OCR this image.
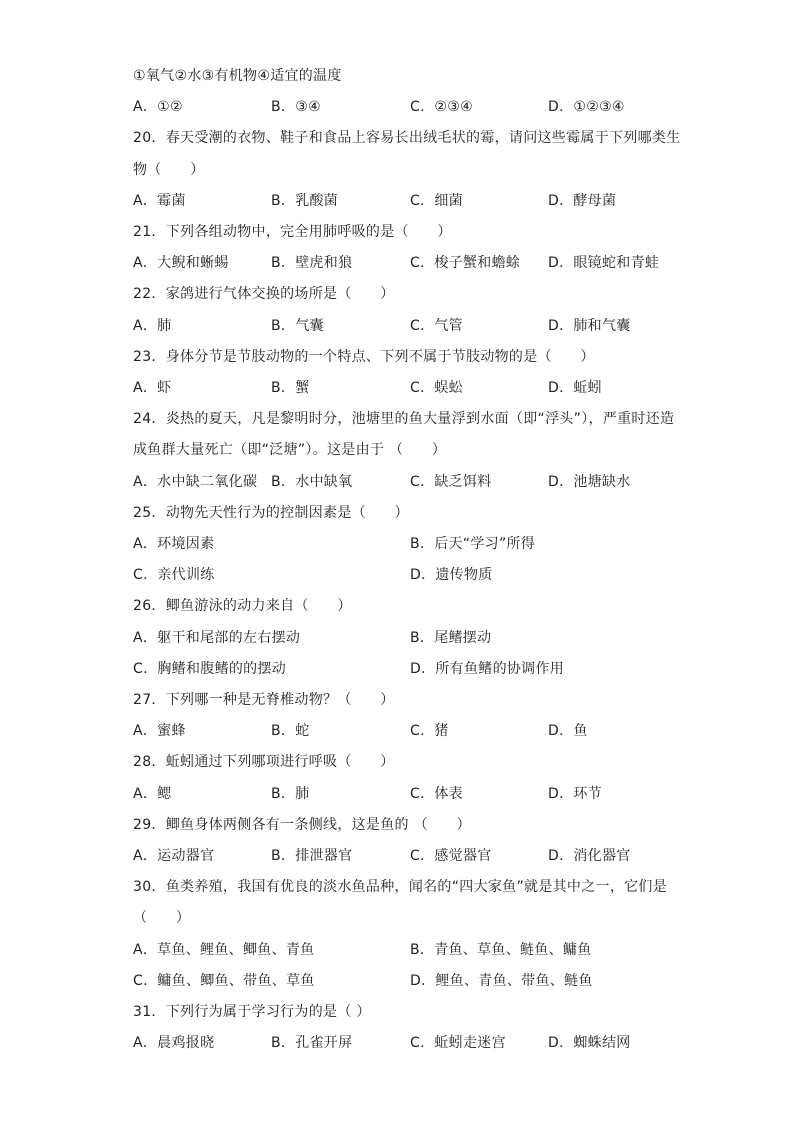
①氧气②水③有机物④适宜的温度
A．①②	B．③④	C．②③④	D．①②③④
20．春天受潮的衣物、鞋子和食品上容易长出绒毛状的霉，请问这些霉属于下列哪类生
物（　　）
A．霉菌	B．乳酸菌	C．细菌	D．酵母菌
21．下列各组动物中，完全用肺呼吸的是（　　）
A．大鲵和蜥蜴	B．壁虎和狼	C．梭子蟹和蟾蜍 D．眼镜蛇和青蛙
22．家鸽进行气体交换的场所是（　　）
A．肺	B．气囊	C．气管	D．肺和气囊
23．身体分节是节肢动物的一个特点、下列不属于节肢动物的是（　　）
A．虾	B．蟹	C．蜈蚣	D．蚯蚓
24．炎热的夏天，凡是黎明时分，池塘里的鱼大量浮到水面（即“浮头”），严重时还造
成鱼群大量死亡（即“泛塘”）。这是由于 （　　）
A．水中缺二氧化碳 B．水中缺氧	C．缺乏饵料	D．池塘缺水
25．动物先天性行为的控制因素是（　　）
A．环境因素	B．后天“学习”所得
C．亲代训练	D．遗传物质
26．鲫鱼游泳的动力来自（　　）
A．躯干和尾部的左右摆动	B．尾鳍摆动
C．胸鳍和腹鳍的的摆动	D．所有鱼鳍的协调作用
27．下列哪一种是无脊椎动物？（　　）
A．蜜蜂	B．蛇	C．猪	D．鱼
28．蚯蚓通过下列哪项进行呼吸（　　）
A．鳃	B．肺	C．体表	D．环节
29．鲫鱼身体两侧各有一条侧线，这是鱼的 （　　）
A．运动器官	B．排泄器官	C．感觉器官	D．消化器官
30．鱼类养殖，我国有优良的淡水鱼品种，闻名的“四大家鱼”就是其中之一，它们是
（　　）
A．草鱼、鲤鱼、鲫鱼、青鱼	B．青鱼、草鱼、鲢鱼、鳙鱼
C．鳙鱼、鲫鱼、带鱼、草鱼	D．鲤鱼、青鱼、带鱼、鲢鱼
31．下列行为属于学习行为的是（ ）
A．晨鸡报晓	B．孔雀开屏	C．蚯蚓走迷宫	D．蜘蛛结网
